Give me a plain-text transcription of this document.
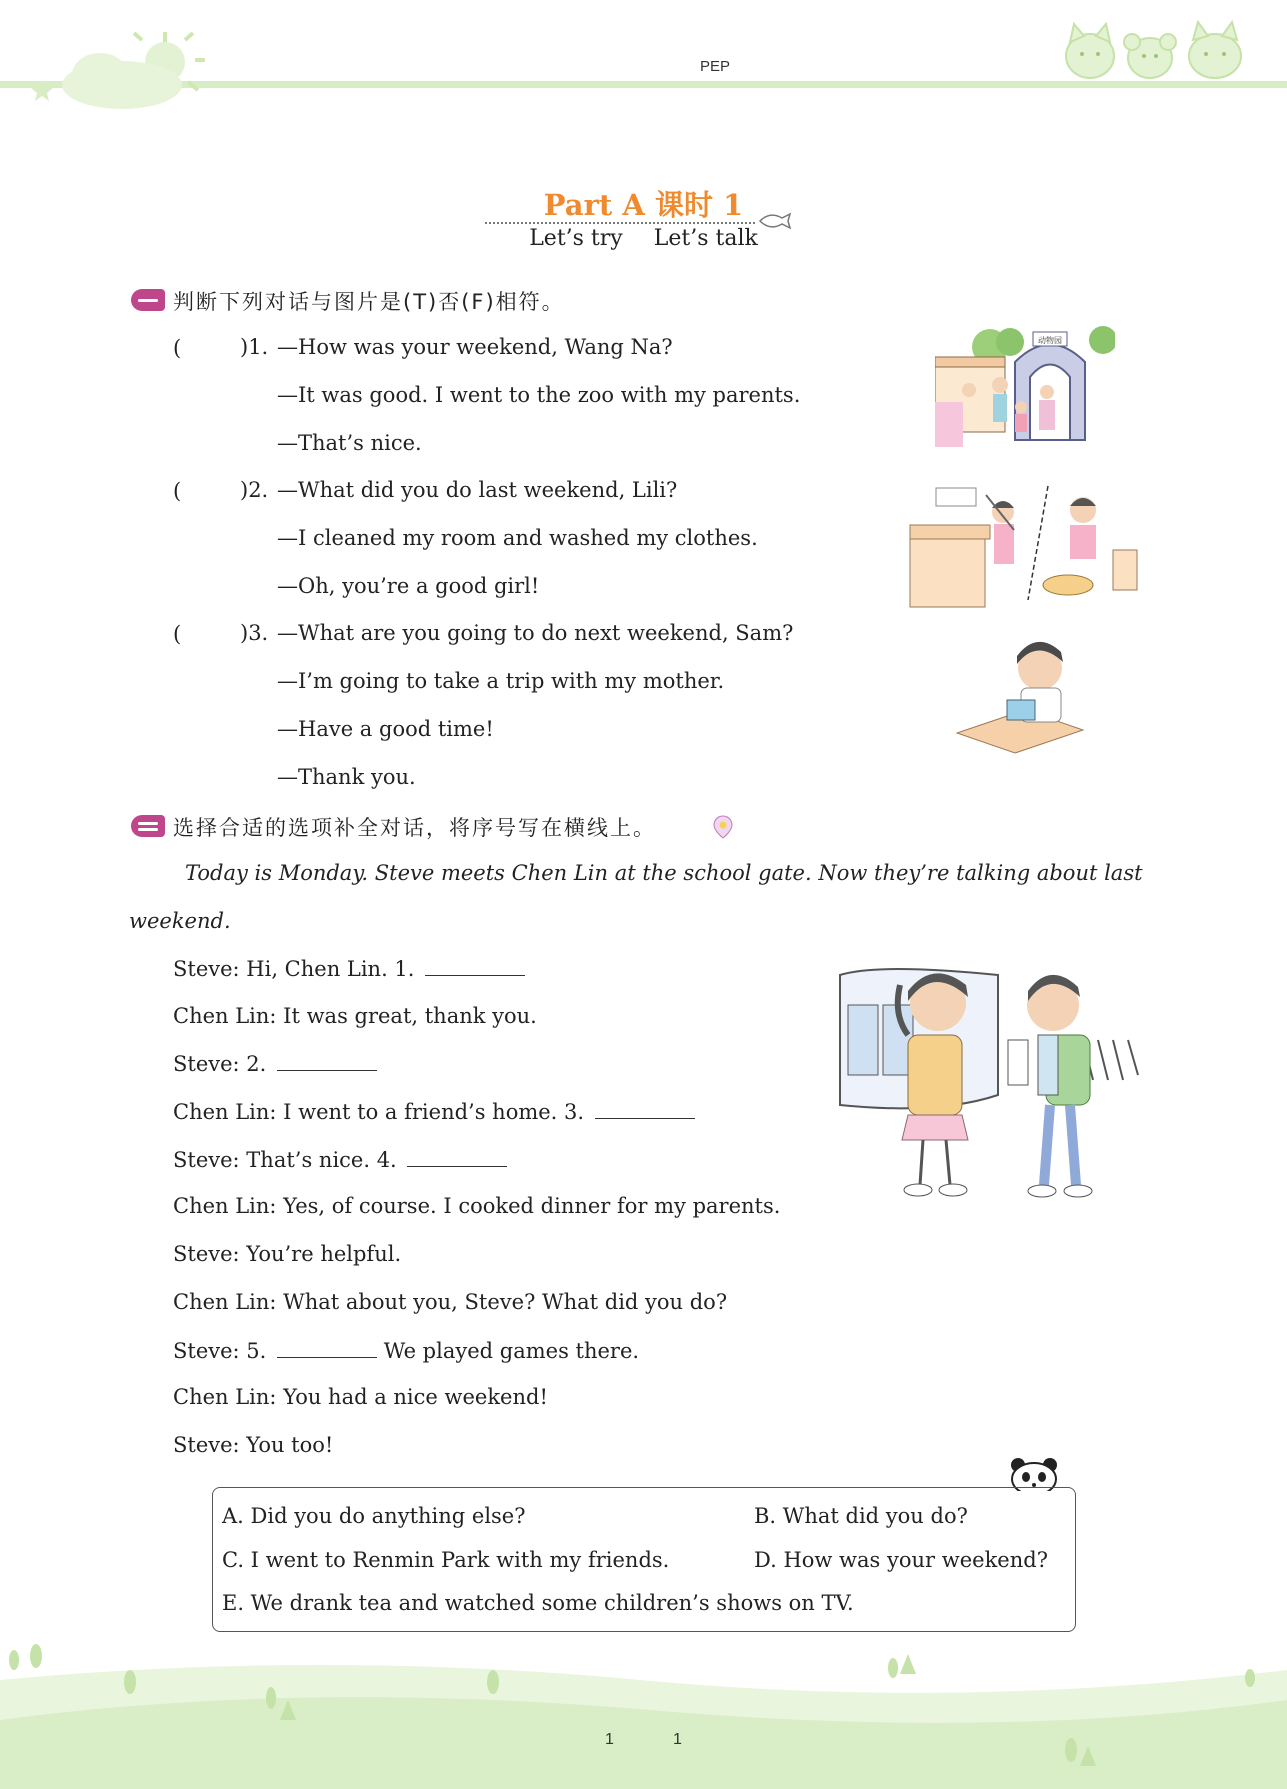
PEP
Part A 课时 1
Let’s try Let’s talk
判断下列对话与图片是(T)否(F)相符。
(	)1. —How was your weekend, Wang Na?
—It was good. I went to the zoo with my parents.
—That’s nice.
(	)2. —What did you do last weekend, Lili?
—I cleaned my room and washed my clothes.
—Oh, you’re a good girl!
(	)3. —What are you going to do next weekend, Sam?
—I’m going to take a trip with my mother.
—Have a good time!
—Thank you.
动物园
选择合适的选项补全对话，将序号写在横线上。
Today is Monday. Steve meets Chen Lin at the school gate. Now they’re talking about last
weekend.
Steve: Hi, Chen Lin. 1.
Chen Lin: It was great, thank you.
Steve: 2.
Chen Lin: I went to a friend’s home. 3.
Steve: That’s nice. 4.
Chen Lin: Yes, of course. I cooked dinner for my parents.
Steve: You’re helpful.
Chen Lin: What about you, Steve? What did you do?
Steve: 5.	We played games there.
Chen Lin: You had a nice weekend!
Steve: You too!
A. Did you do anything else?	B. What did you do?
C. I went to Renmin Park with my friends.	D. How was your weekend?
E. We drank tea and watched some children’s shows on TV.
1	1
